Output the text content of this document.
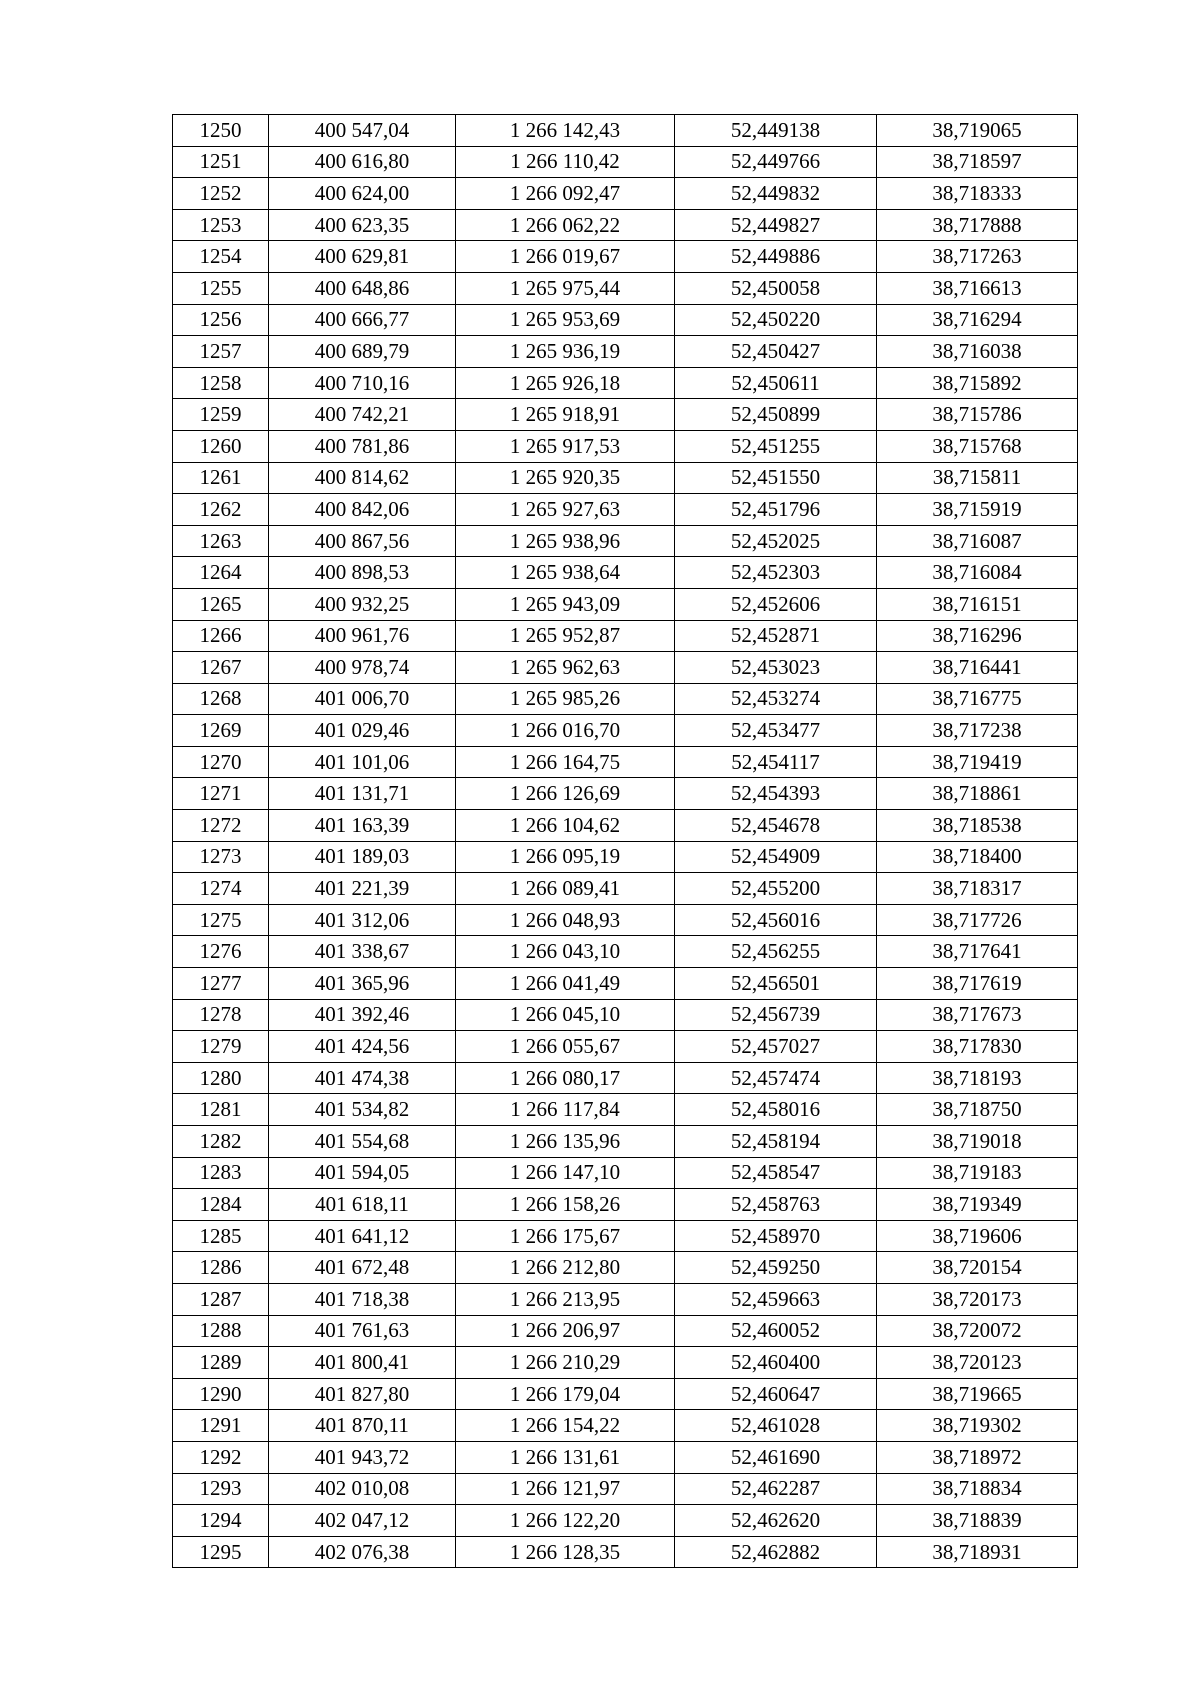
1250	400 547,04	1 266 142,43	52,449138	38,719065
1251	400 616,80	1 266 110,42	52,449766	38,718597
1252	400 624,00	1 266 092,47	52,449832	38,718333
1253	400 623,35	1 266 062,22	52,449827	38,717888
1254	400 629,81	1 266 019,67	52,449886	38,717263
1255	400 648,86	1 265 975,44	52,450058	38,716613
1256	400 666,77	1 265 953,69	52,450220	38,716294
1257	400 689,79	1 265 936,19	52,450427	38,716038
1258	400 710,16	1 265 926,18	52,450611	38,715892
1259	400 742,21	1 265 918,91	52,450899	38,715786
1260	400 781,86	1 265 917,53	52,451255	38,715768
1261	400 814,62	1 265 920,35	52,451550	38,715811
1262	400 842,06	1 265 927,63	52,451796	38,715919
1263	400 867,56	1 265 938,96	52,452025	38,716087
1264	400 898,53	1 265 938,64	52,452303	38,716084
1265	400 932,25	1 265 943,09	52,452606	38,716151
1266	400 961,76	1 265 952,87	52,452871	38,716296
1267	400 978,74	1 265 962,63	52,453023	38,716441
1268	401 006,70	1 265 985,26	52,453274	38,716775
1269	401 029,46	1 266 016,70	52,453477	38,717238
1270	401 101,06	1 266 164,75	52,454117	38,719419
1271	401 131,71	1 266 126,69	52,454393	38,718861
1272	401 163,39	1 266 104,62	52,454678	38,718538
1273	401 189,03	1 266 095,19	52,454909	38,718400
1274	401 221,39	1 266 089,41	52,455200	38,718317
1275	401 312,06	1 266 048,93	52,456016	38,717726
1276	401 338,67	1 266 043,10	52,456255	38,717641
1277	401 365,96	1 266 041,49	52,456501	38,717619
1278	401 392,46	1 266 045,10	52,456739	38,717673
1279	401 424,56	1 266 055,67	52,457027	38,717830
1280	401 474,38	1 266 080,17	52,457474	38,718193
1281	401 534,82	1 266 117,84	52,458016	38,718750
1282	401 554,68	1 266 135,96	52,458194	38,719018
1283	401 594,05	1 266 147,10	52,458547	38,719183
1284	401 618,11	1 266 158,26	52,458763	38,719349
1285	401 641,12	1 266 175,67	52,458970	38,719606
1286	401 672,48	1 266 212,80	52,459250	38,720154
1287	401 718,38	1 266 213,95	52,459663	38,720173
1288	401 761,63	1 266 206,97	52,460052	38,720072
1289	401 800,41	1 266 210,29	52,460400	38,720123
1290	401 827,80	1 266 179,04	52,460647	38,719665
1291	401 870,11	1 266 154,22	52,461028	38,719302
1292	401 943,72	1 266 131,61	52,461690	38,718972
1293	402 010,08	1 266 121,97	52,462287	38,718834
1294	402 047,12	1 266 122,20	52,462620	38,718839
1295	402 076,38	1 266 128,35	52,462882	38,718931
